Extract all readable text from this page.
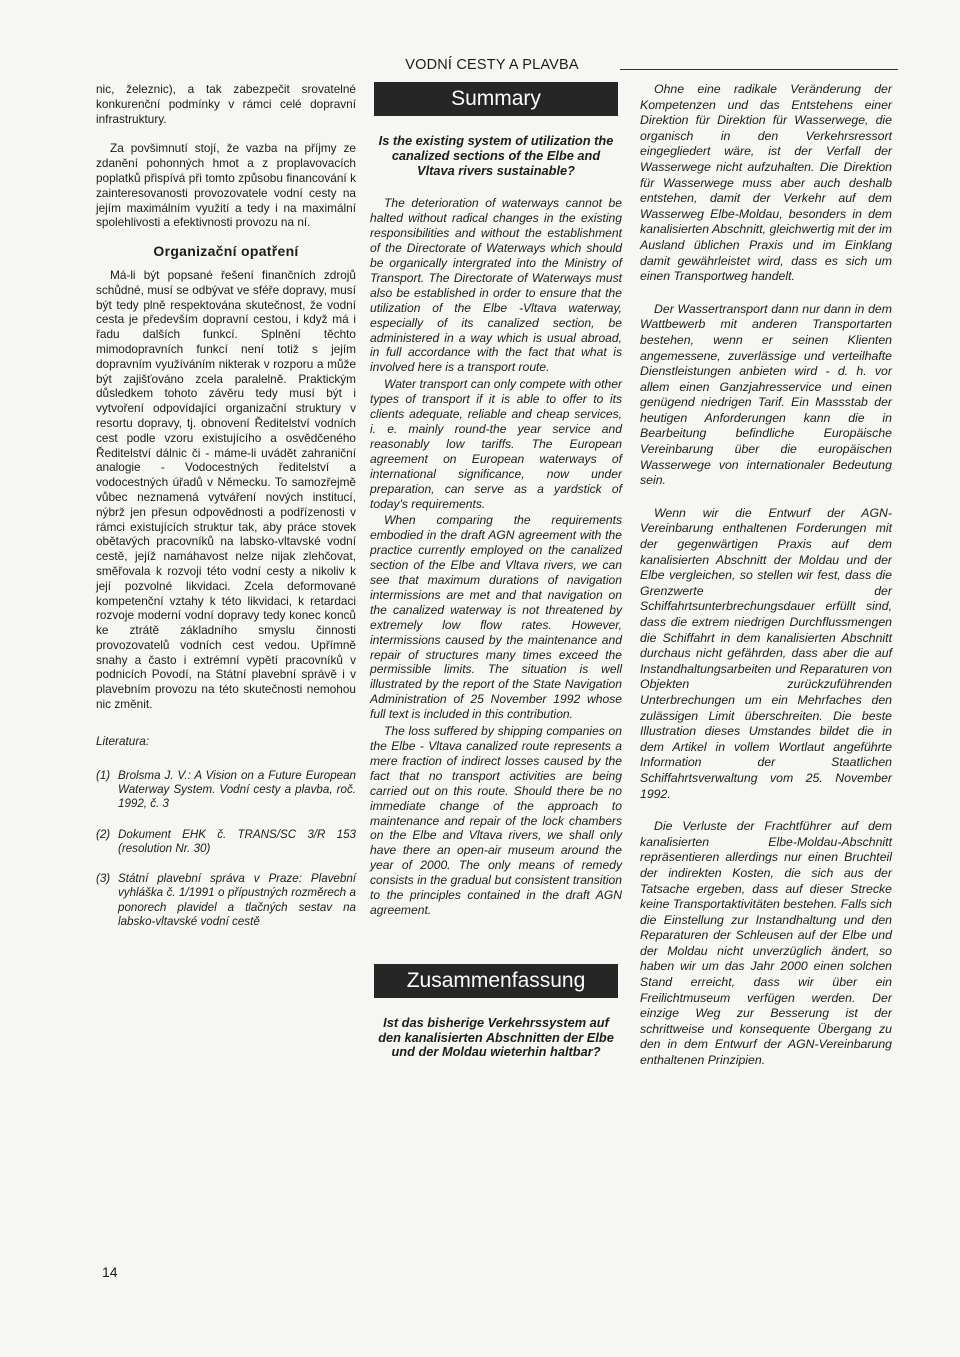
VODNÍ CESTY A PLAVBA

nic, železnic), a tak zabezpečit srovatelné konkurenční podmínky v rámci celé dopravní infrastruktury.

Za povšimnutí stojí, že vazba na příjmy ze zdanění pohonných hmot a z proplavovacích poplatků přispívá při tomto způsobu financování k zainteresovanosti provozovatele vodní cesty na jejím maximálním využití a tedy i na maximální spolehlivosti a efektivnosti provozu na ní.

Organizační opatření

Má-li být popsané řešení finančních zdrojů schůdné, musí se odbývat ve sféře dopravy, musí být tedy plně respektována skutečnost, že vodní cesta je především dopravní cestou, i když má i řadu dalších funkcí. Splnění těchto mimodopravních funkcí není totiž s jejím dopravním využíváním nikterak v rozporu a může být zajišťováno zcela paralelně. Praktickým důsledkem tohoto závěru tedy musí být i vytvoření odpovídající organizační struktury v resortu dopravy, tj. obnovení Ředitelství vodních cest podle vzoru existujícího a osvědčeného Ředitelství dálnic či - máme-li uvádět zahraniční analogie - Vodocestných ředitelství a vodocestných úřadů v Německu. To samozřejmě vůbec neznamená vytváření nových institucí, nýbrž jen přesun odpovědnosti a podřízenosti v rámci existujících struktur tak, aby práce stovek obětavých pracovníků na labsko-vltavské vodní cestě, jejíž namáhavost nelze nijak zlehčovat, směřovala k rozvoji této vodní cesty a nikoliv k její pozvolné likvidaci. Zcela deformované kompetenční vztahy k této likvidaci, k retardaci rozvoje moderní vodní dopravy tedy konec konců ke ztrátě základního smyslu činnosti provozovatelů vodních cest vedou. Upřímně snahy a často i extrémní vypětí pracovníků v podnicích Povodí, na Státní plavební správě i v plavebním provozu na této skutečnosti nemohou nic změnit.

Literatura:
(1) Brolsma J. V.: A Vision on a Future European Waterway System. Vodní cesty a plavba, roč. 1992, č. 3
(2) Dokument EHK č. TRANS/SC 3/R 153 (resolution Nr. 30)
(3) Státní plavební správa v Praze: Plavební vyhláška č. 1/1991 o přípustných rozměrech a ponorech plavidel a tlačných sestav na labsko-vltavské vodní cestě
Summary
Is the existing system of utilization the canalized sections of the Elbe and Vltava rivers sustainable?

The deterioration of waterways cannot be halted without radical changes in the existing responsibilities and without the establishment of the Directorate of Waterways which should be organically intergrated into the Ministry of Transport. The Directorate of Waterways must also be established in order to ensure that the utilization of the Elbe -Vltava waterway, especially of its canalized section, be administered in a way which is usual abroad, in full accordance with the fact that what is involved here is a transport route.

Water transport can only compete with other types of transport if it is able to offer to its clients adequate, reliable and cheap services, i. e. mainly round-the year service and reasonably low tariffs. The European agreement on European waterways of international significance, now under preparation, can serve as a yardstick of today's requirements.

When comparing the requirements embodied in the draft AGN agreement with the practice currently employed on the canalized section of the Elbe and Vltava rivers, we can see that maximum durations of navigation intermissions are met and that navigation on the canalized waterway is not threatened by extremely low flow rates. However, intermissions caused by the maintenance and repair of structures many times exceed the permissible limits. The situation is well illustrated by the report of the State Navigation Administration of 25 November 1992 whose full text is included in this contribution.

The loss suffered by shipping companies on the Elbe - Vltava canalized route represents a mere fraction of indirect losses caused by the fact that no transport activities are being carried out on this route. Should there be no immediate change of the approach to maintenance and repair of the lock chambers on the Elbe and Vltava rivers, we shall only have there an open-air museum around the year of 2000. The only means of remedy consists in the gradual but consistent transition to the principles contained in the draft AGN agreement.

Zusammenfassung
Ist das bisherige Verkehrssystem auf den kanalisierten Abschnitten der Elbe und der Moldau wieterhin haltbar?

Ohne eine radikale Veränderung der Kompetenzen und das Entstehens einer Direktion für Direktion für Wasserwege, die organisch in den Verkehrsressort eingegliedert wäre, ist der Verfall der Wasserwege nicht aufzuhalten. Die Direktion für Wasserwege muss aber auch deshalb entstehen, damit der Verkehr auf dem Wasserweg Elbe-Moldau, besonders in dem kanalisierten Abschnitt, gleichwertig mit der im Ausland üblichen Praxis und im Einklang damit gewährleistet wird, dass es sich um einen Transportweg handelt.

Der Wassertransport dann nur dann in dem Wattbewerb mit anderen Transportarten bestehen, wenn er seinen Klienten angemessene, zuverlässige und verteilhafte Dienstleistungen anbieten wird - d. h. vor allem einen Ganzjahresservice und einen genügend niedrigen Tarif. Ein Massstab der heutigen Anforderungen kann die in Bearbeitung befindliche Europäische Vereinbarung über die europäischen Wasserwege von internationaler Bedeutung sein.

Wenn wir die Entwurf der AGN-Vereinbarung enthaltenen Forderungen mit der gegenwärtigen Praxis auf dem kanalisierten Abschnitt der Moldau und der Elbe vergleichen, so stellen wir fest, dass die Grenzwerte der Schiffahrtsunterbrechungsdauer erfüllt sind, dass die extrem niedrigen Durchflussmengen die Schiffahrt in dem kanalisierten Abschnitt durchaus nicht gefährden, dass aber die auf Instandhaltungsarbeiten und Reparaturen von Objekten zurückzuführenden Unterbrechungen um ein Mehrfaches den zulässigen Limit überschreiten. Die beste Illustration dieses Umstandes bildet die in dem Artikel in vollem Wortlaut angeführte Information der Staatlichen Schiffahrtsverwaltung vom 25. November 1992.

Die Verluste der Frachtführer auf dem kanalisierten Elbe-Moldau-Abschnitt repräsentieren allerdings nur einen Bruchteil der indirekten Kosten, die sich aus der Tatsache ergeben, dass auf dieser Strecke keine Transportaktivitäten bestehen. Falls sich die Einstellung zur Instandhaltung und den Reparaturen der Schleusen auf der Elbe und der Moldau nicht unverzüglich ändert, so haben wir um das Jahr 2000 einen solchen Stand erreicht, dass wir über ein Freilichtmuseum verfügen werden. Der einzige Weg zur Besserung ist der schrittweise und konsequente Übergang zu den in dem Entwurf der AGN-Vereinbarung enthaltenen Prinzipien.

14
